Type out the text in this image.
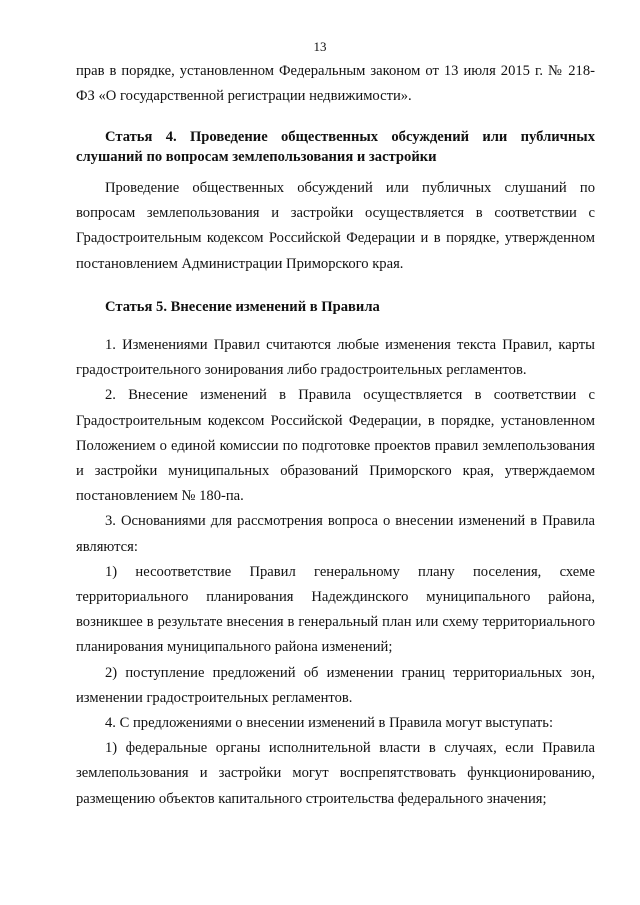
13

прав в порядке, установленном Федеральным законом от 13 июля 2015 г. № 218-ФЗ «О государственной регистрации недвижимости».

Статья 4. Проведение общественных обсуждений или публичных слушаний по вопросам землепользования и застройки

Проведение общественных обсуждений или публичных слушаний по вопросам землепользования и застройки осуществляется в соответствии с Градостроительным кодексом Российской Федерации и в порядке, утвержденном постановлением Администрации Приморского края.

Статья 5. Внесение изменений в Правила

1. Изменениями Правил считаются любые изменения текста Правил, карты градостроительного зонирования либо градостроительных регламентов.

2. Внесение изменений в Правила осуществляется в соответствии с Градостроительным кодексом Российской Федерации, в порядке, установленном Положением о единой комиссии по подготовке проектов правил землепользования и застройки муниципальных образований Приморского края, утверждаемом постановлением № 180-па.

3. Основаниями для рассмотрения вопроса о внесении изменений в Правила являются:

1) несоответствие Правил генеральному плану поселения, схеме территориального планирования Надеждинского муниципального района, возникшее в результате внесения в генеральный план или схему территориального планирования муниципального района изменений;

2) поступление предложений об изменении границ территориальных зон, изменении градостроительных регламентов.

4. С предложениями о внесении изменений в Правила могут выступать:

1) федеральные органы исполнительной власти в случаях, если Правила землепользования и застройки могут воспрепятствовать функционированию, размещению объектов капитального строительства федерального значения;
